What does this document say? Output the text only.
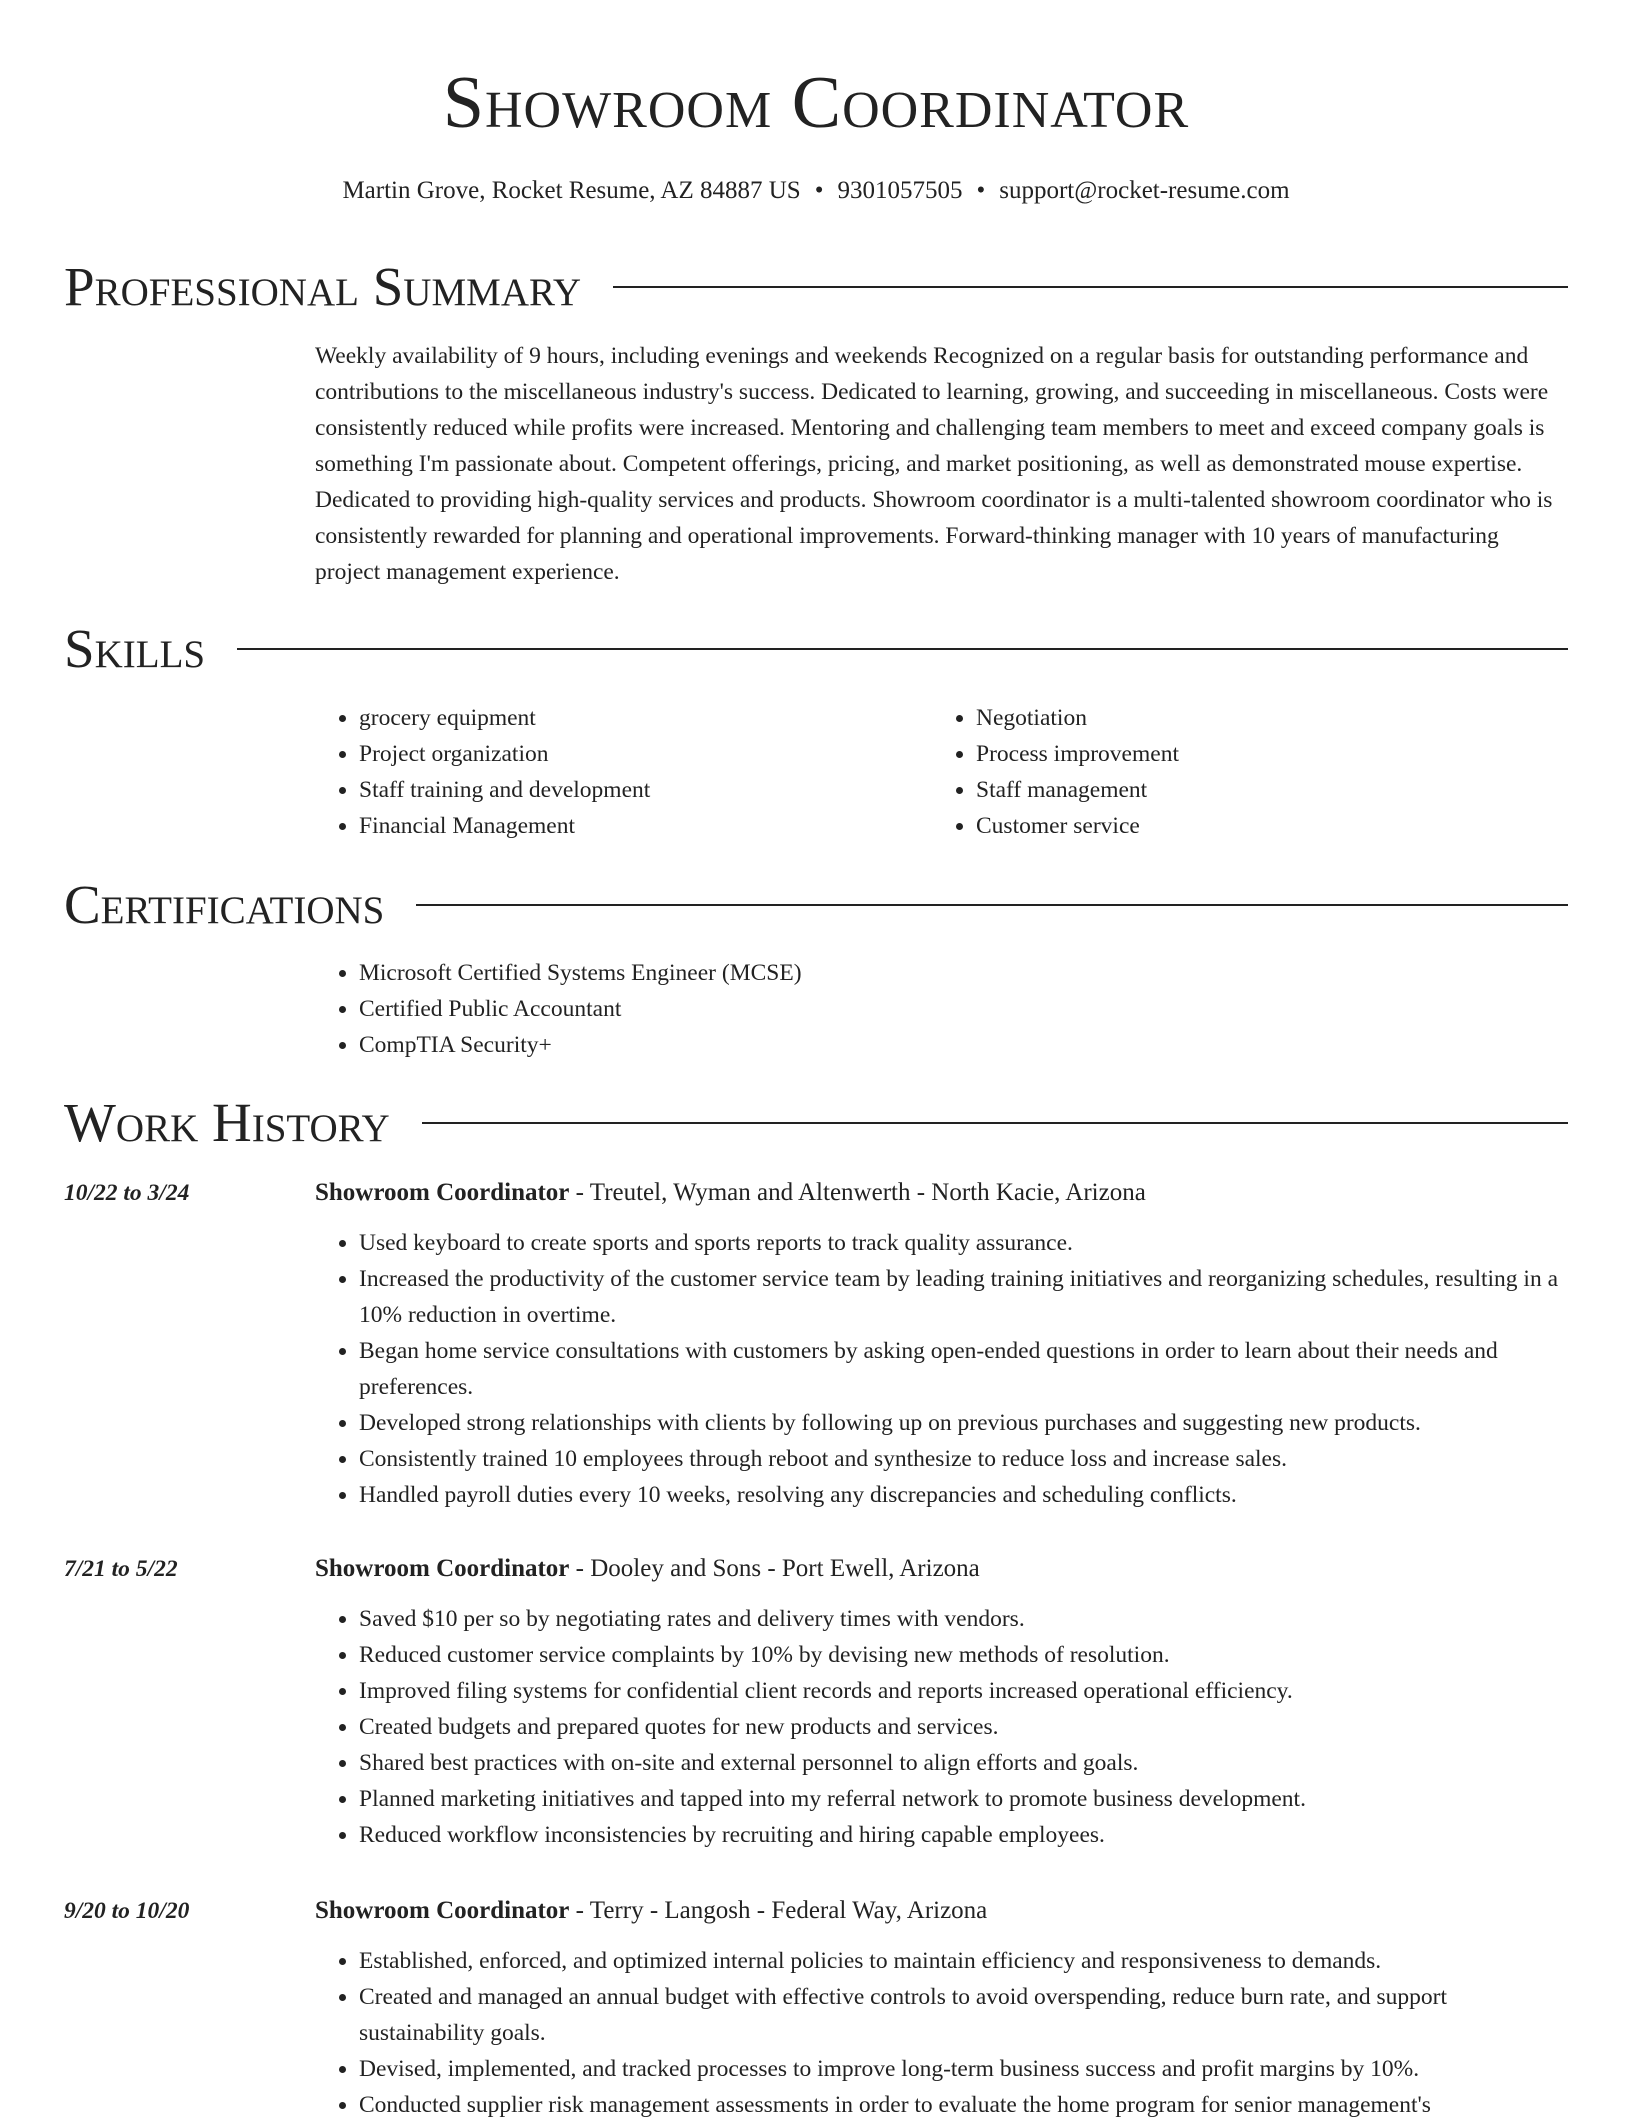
Showroom Coordinator
Martin Grove, Rocket Resume, AZ 84887 US • 9301057505 • support@rocket-resume.com
Professional Summary
Weekly availability of 9 hours, including evenings and weekends Recognized on a regular basis for outstanding performance and contributions to the miscellaneous industry's success. Dedicated to learning, growing, and succeeding in miscellaneous. Costs were consistently reduced while profits were increased. Mentoring and challenging team members to meet and exceed company goals is something I'm passionate about. Competent offerings, pricing, and market positioning, as well as demonstrated mouse expertise. Dedicated to providing high-quality services and products. Showroom coordinator is a multi-talented showroom coordinator who is consistently rewarded for planning and operational improvements. Forward-thinking manager with 10 years of manufacturing project management experience.
Skills
• grocery equipment
• Project organization
• Staff training and development
• Financial Management
• Negotiation
• Process improvement
• Staff management
• Customer service
Certifications
• Microsoft Certified Systems Engineer (MCSE)
• Certified Public Accountant
• CompTIA Security+
Work History
10/22 to 3/24	Showroom Coordinator - Treutel, Wyman and Altenwerth - North Kacie, Arizona
• Used keyboard to create sports and sports reports to track quality assurance.
• Increased the productivity of the customer service team by leading training initiatives and reorganizing schedules, resulting in a 10% reduction in overtime.
• Began home service consultations with customers by asking open-ended questions in order to learn about their needs and preferences.
• Developed strong relationships with clients by following up on previous purchases and suggesting new products.
• Consistently trained 10 employees through reboot and synthesize to reduce loss and increase sales.
• Handled payroll duties every 10 weeks, resolving any discrepancies and scheduling conflicts.
7/21 to 5/22	Showroom Coordinator - Dooley and Sons - Port Ewell, Arizona
• Saved $10 per so by negotiating rates and delivery times with vendors.
• Reduced customer service complaints by 10% by devising new methods of resolution.
• Improved filing systems for confidential client records and reports increased operational efficiency.
• Created budgets and prepared quotes for new products and services.
• Shared best practices with on-site and external personnel to align efforts and goals.
• Planned marketing initiatives and tapped into my referral network to promote business development.
• Reduced workflow inconsistencies by recruiting and hiring capable employees.
9/20 to 10/20	Showroom Coordinator - Terry - Langosh - Federal Way, Arizona
• Established, enforced, and optimized internal policies to maintain efficiency and responsiveness to demands.
• Created and managed an annual budget with effective controls to avoid overspending, reduce burn rate, and support sustainability goals.
• Devised, implemented, and tracked processes to improve long-term business success and profit margins by 10%.
• Conducted supplier risk management assessments in order to evaluate the home program for senior management's
